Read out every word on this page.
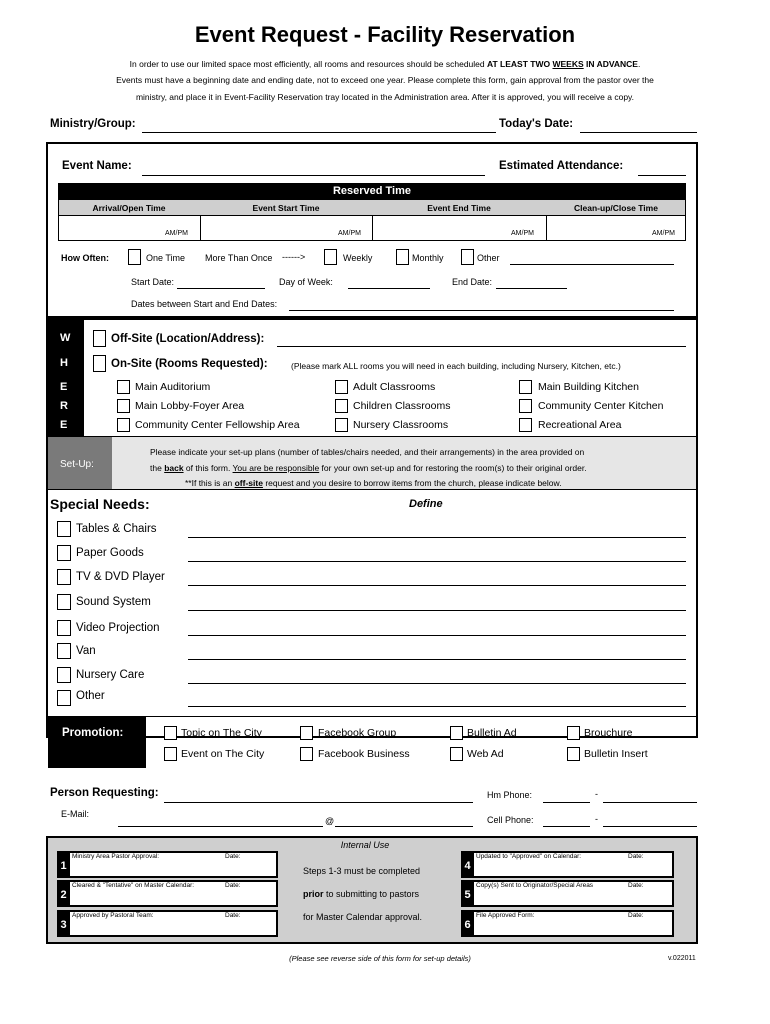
Event Request - Facility Reservation
In order to use our limited space most efficiently, all rooms and resources should be scheduled AT LEAST TWO WEEKS IN ADVANCE.
Events must have a beginning date and ending date, not to exceed one year. Please complete this form, gain approval from the pastor over the
ministry, and place it in Event-Facility Reservation tray located in the Administration area. After it is approved, you will receive a copy.
Ministry/Group:	Today's Date:
Event Name:	Estimated Attendance:
Reserved Time
Arrival/Open Time	Event Start Time	Event End Time	Clean-up/Close Time
AM/PM	AM/PM	AM/PM	AM/PM
How Often:	One Time More Than Once ------>	Weekly	Monthly	Other
Start Date:	Day of Week:	End Date:
Dates between Start and End Dates:
W
H
E
R
E
Off-Site (Location/Address):
On-Site (Rooms Requested):	(Please mark ALL rooms you will need in each building, including Nursery, Kitchen, etc.)
Main Auditorium	Adult Classrooms	Main Building Kitchen
Main Lobby-Foyer Area	Children Classrooms	Community Center Kitchen
Community Center Fellowship Area	Nursery Classrooms	Recreational Area
Set-Up:
Please indicate your set-up plans (number of tables/chairs needed, and their arrangements) in the area provided on
the back of this form. You are be responsible for your own set-up and for restoring the room(s) to their original order.
**If this is an off-site request and you desire to borrow items from the church, please indicate below.
Special Needs:	Define
Tables & Chairs
Paper Goods
TV & DVD Player
Sound System
Video Projection
Van
Nursery Care
Other
Promotion:	Topic on The City	Facebook Group	Bulletin Ad	Brouchure
Event on The City	Facebook Business	Web Ad	Bulletin Insert
Person Requesting:	Hm Phone:	-
E-Mail:
@	Cell Phone:	-
Internal Use
1
Ministry Area Pastor Approval:	Date:
2
Cleared & "Tentative" on Master Calendar:	Date:
3
Approved by Pastoral Team:	Date:
Steps 1-3 must be completed
prior to submitting to pastors
for Master Calendar approval.
4
Updated to "Approved" on Calendar:	Date:
5
Copy(s) Sent to Originator/Special Areas	Date:
6
File Approved Form:	Date:
(Please see reverse side of this form for set-up details)	v.022011
